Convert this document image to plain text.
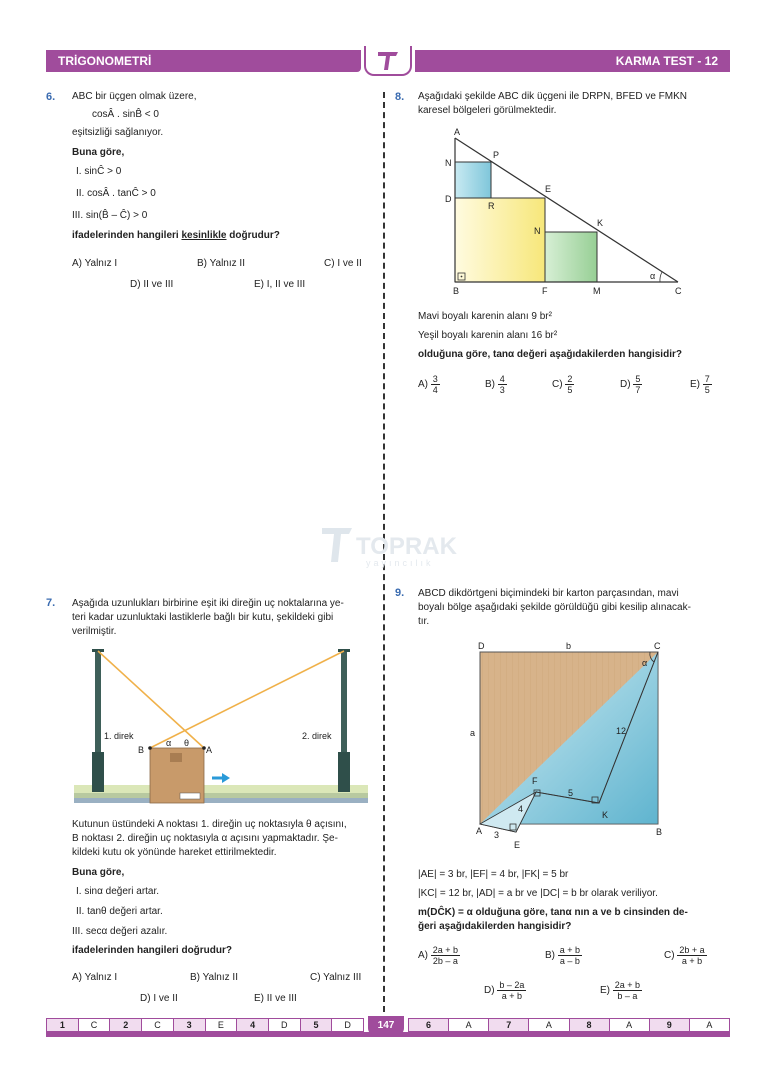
TRİGONOMETRİ	KARMA TEST - 12
TOPRAK
yayıncılık
6. ABC bir üçgen olmak üzere,
cosÂ . sinB̂ < 0
eşitsizliği sağlanıyor.
Buna göre,
I. sinĈ > 0
II. cosÂ . tanĈ > 0
III. sin(B̂ – Ĉ) > 0
ifadelerinden hangileri kesinlikle doğrudur?
A) Yalnız I	B) Yalnız II	C) I ve II
D) II ve III	E) I, II ve III
8. Aşağıdaki şekilde ABC dik üçgeni ile DRPN, BFED ve FMKN
karesel bölgeleri görülmektedir.
A
P
N
E
D
R
K
N
α
B	F	M	C
Mavi boyalı karenin alanı 9 br²
Yeşil boyalı karenin alanı 16 br²
olduğuna göre, tanα değeri aşağıdakilerden hangisidir?
$A) \frac{3}{4}$	$B) \frac{4}{3}$	$C) \frac{2}{5}$	$D) \frac{5}{7}$	$E) \frac{7}{5}$
7. Aşağıda uzunlukları birbirine eşit iki direğin uç noktalarına ye-
teri kadar uzunluktaki lastiklerle bağlı bir kutu, şekildeki gibi
verilmiştir.
1. direk	2. direk
B	A
α θ
Kutunun üstündeki A noktası 1. direğin uç noktasıyla θ açısını,
B noktası 2. direğin uç noktasıyla α açısını yapmaktadır. Şe-
kildeki kutu ok yönünde hareket ettirilmektedir.
Buna göre,
I. sinα değeri artar.
II. tanθ değeri artar.
III. secα değeri azalır.
ifadelerinden hangileri doğrudur?
A) Yalnız I	B) Yalnız II	C) Yalnız III
D) I ve II	E) II ve III
9. ABCD dikdörtgeni biçimindeki bir karton parçasından, mavi
boyalı bölge aşağıdaki şekilde görüldüğü gibi kesilip alınacak-
tır.
D	b	C
α
a	12
F
5
4
K
A 3
E
B
|AE| = 3 br, |EF| = 4 br, |FK| = 5 br
|KC| = 12 br, |AD| = a br ve |DC| = b br olarak veriliyor.
m(DĈK) = α olduğuna göre, tanα nın a ve b cinsinden de-
ğeri aşağıdakilerden hangisidir?
$A) \frac{2a + b}{2b - a}$	$B) \frac{a + b}{a - b}$	$C) \frac{2b + a}{a + b}$
$D) \frac{b - 2a}{a + b}$	$E) \frac{2a + b}{b - a}$
1	C	2	C	3	E	4	D	5	D	147	6	A	7	A	8	A	9	A
